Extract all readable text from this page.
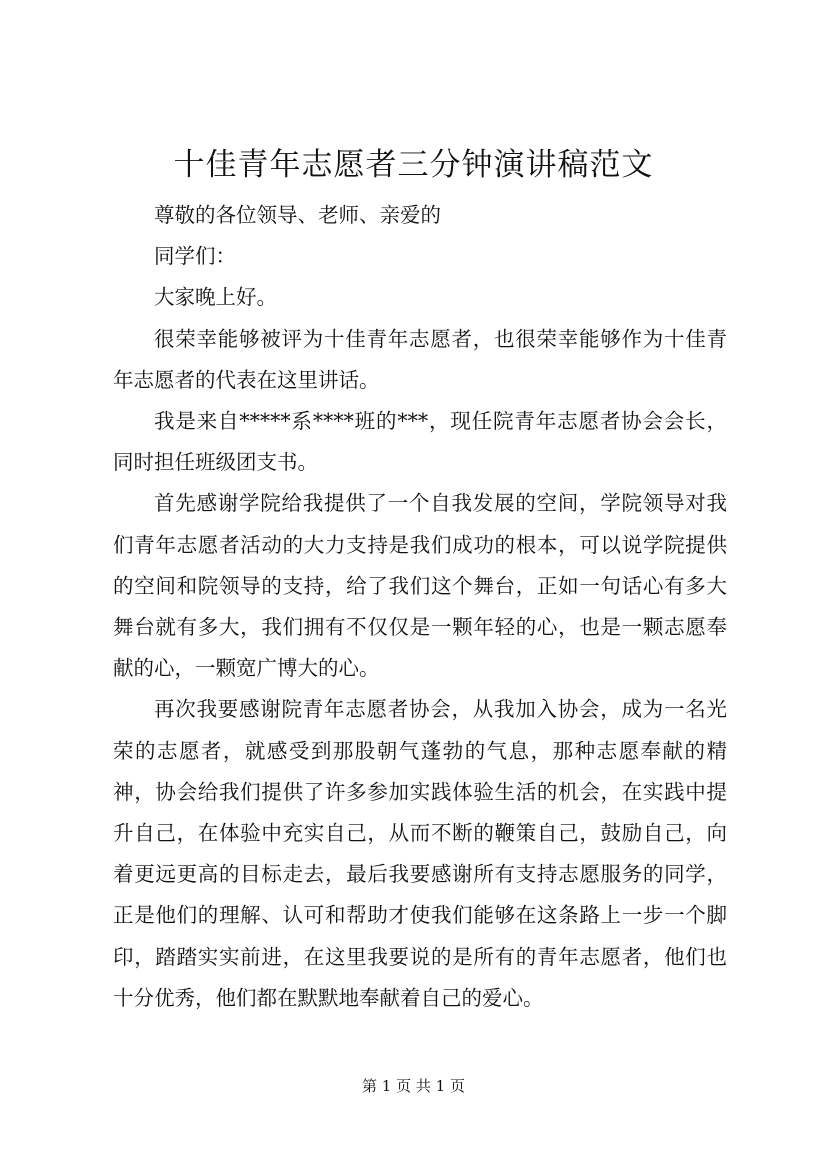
十佳青年志愿者三分钟演讲稿范文

尊敬的各位领导、老师、亲爱的

同学们：

大家晚上好。

很荣幸能够被评为十佳青年志愿者，也很荣幸能够作为十佳青年志愿者的代表在这里讲话。

我是来自*****系****班的***，现任院青年志愿者协会会长，同时担任班级团支书。

首先感谢学院给我提供了一个自我发展的空间，学院领导对我们青年志愿者活动的大力支持是我们成功的根本，可以说学院提供的空间和院领导的支持，给了我们这个舞台，正如一句话心有多大舞台就有多大，我们拥有不仅仅是一颗年轻的心，也是一颗志愿奉献的心，一颗宽广博大的心。

再次我要感谢院青年志愿者协会，从我加入协会，成为一名光荣的志愿者，就感受到那股朝气蓬勃的气息，那种志愿奉献的精神，协会给我们提供了许多参加实践体验生活的机会，在实践中提升自己，在体验中充实自己，从而不断的鞭策自己，鼓励自己，向着更远更高的目标走去，最后我要感谢所有支持志愿服务的同学，正是他们的理解、认可和帮助才使我们能够在这条路上一步一个脚印，踏踏实实前进，在这里我要说的是所有的青年志愿者，他们也十分优秀，他们都在默默地奉献着自己的爱心。

第 1 页 共 1 页
